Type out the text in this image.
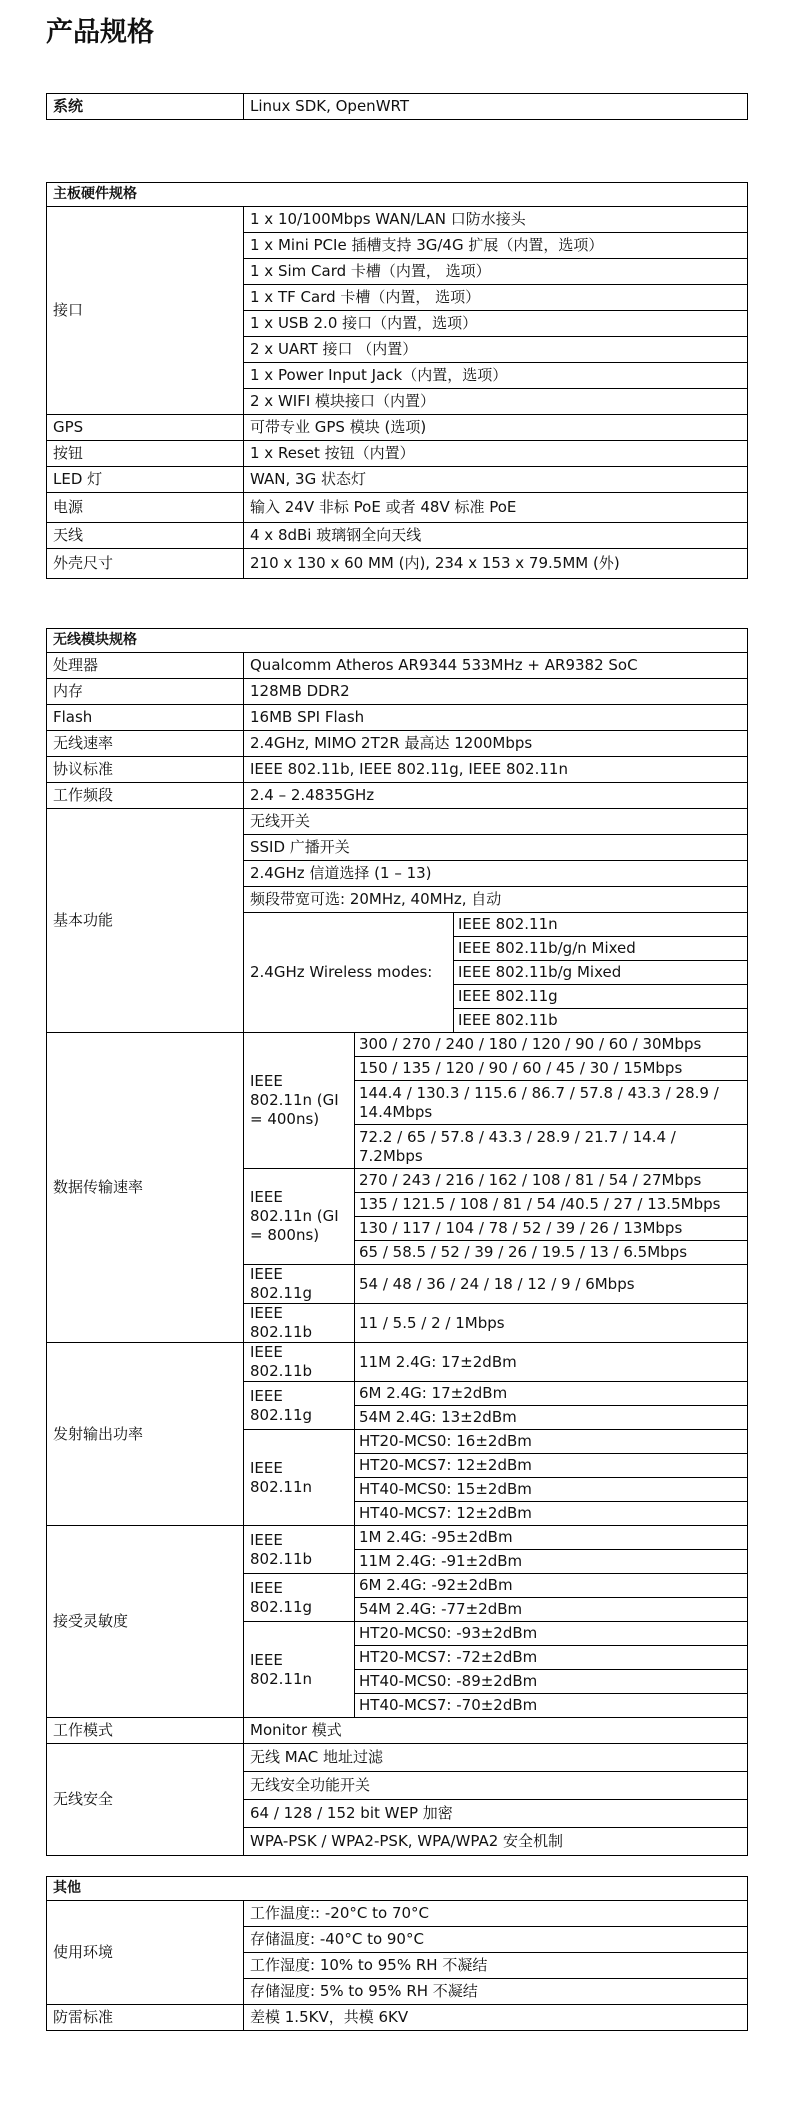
产品规格
系统	Linux SDK, OpenWRT
主板硬件规格	
接口	1 x 10/100Mbps WAN/LAN 口防水接头
	1 x Mini PCIe 插槽支持 3G/4G 扩展（内置，选项）
	1 x Sim Card 卡槽（内置， 选项）
	1 x TF Card 卡槽（内置， 选项）
	1 x USB 2.0 接口（内置，选项）
	2 x UART 接口 （内置）
	1 x Power Input Jack（内置，选项）
	2 x WIFI 模块接口（内置）
GPS	可带专业 GPS 模块 (选项)
按钮	1 x Reset 按钮（内置）
LED 灯	WAN, 3G 状态灯
电源	输入 24V 非标 PoE 或者 48V 标准 PoE
天线	4 x 8dBi 玻璃钢全向天线
外壳尺寸	210 x 130 x 60 MM (内), 234 x 153 x 79.5MM (外)
无线模块规格			
处理器	Qualcomm Atheros AR9344 533MHz + AR9382 SoC		
内存	128MB DDR2		
Flash	16MB SPI Flash		
无线速率	2.4GHz, MIMO 2T2R 最高达 1200Mbps		
协议标准	IEEE 802.11b, IEEE 802.11g, IEEE 802.11n		
工作频段	2.4 – 2.4835GHz		
基本功能	无线开关		
	SSID 广播开关		
	2.4GHz 信道选择 (1 – 13)		
	频段带宽可选: 20MHz, 40MHz, 自动		
	2.4GHz Wireless modes:		IEEE 802.11n
			IEEE 802.11b/g/n Mixed
			IEEE 802.11b/g Mixed
			IEEE 802.11g
			IEEE 802.11b
数据传输速率	IEEE 802.11n (GI = 400ns)	300 / 270 / 240 / 180 / 120 / 90 / 60 / 30Mbps	
		150 / 135 / 120 / 90 / 60 / 45 / 30 / 15Mbps	
		144.4 / 130.3 / 115.6 / 86.7 / 57.8 / 43.3 / 28.9 / 14.4Mbps	
		72.2 / 65 / 57.8 / 43.3 / 28.9 / 21.7 / 14.4 / 7.2Mbps	
	IEEE 802.11n (GI = 800ns)	270 / 243 / 216 / 162 / 108 / 81 / 54 / 27Mbps	
		135 / 121.5 / 108 / 81 / 54 /40.5 / 27 / 13.5Mbps	
		130 / 117 / 104 / 78 / 52 / 39 / 26 / 13Mbps	
		65 / 58.5 / 52 / 39 / 26 / 19.5 / 13 / 6.5Mbps	
	IEEE 802.11g	54 / 48 / 36 / 24 / 18 / 12 / 9 / 6Mbps	
	IEEE 802.11b	11 / 5.5 / 2 / 1Mbps	
发射输出功率	IEEE 802.11b	11M 2.4G: 17±2dBm	
	IEEE 802.11g	6M 2.4G: 17±2dBm	
		54M 2.4G: 13±2dBm	
	IEEE 802.11n	HT20-MCS0: 16±2dBm	
		HT20-MCS7: 12±2dBm	
		HT40-MCS0: 15±2dBm	
		HT40-MCS7: 12±2dBm	
接受灵敏度	IEEE 802.11b	1M 2.4G: -95±2dBm	
		11M 2.4G: -91±2dBm	
	IEEE 802.11g	6M 2.4G: -92±2dBm	
		54M 2.4G: -77±2dBm	
	IEEE 802.11n	HT20-MCS0: -93±2dBm	
		HT20-MCS7: -72±2dBm	
		HT40-MCS0: -89±2dBm	
		HT40-MCS7: -70±2dBm	
工作模式	Monitor 模式		
无线安全	无线 MAC 地址过滤		
	无线安全功能开关		
	64 / 128 / 152 bit WEP 加密		
	WPA-PSK / WPA2-PSK, WPA/WPA2 安全机制		
其他	
使用环境	工作温度:: -20°C to 70°C
	存储温度: -40°C to 90°C
	工作湿度: 10% to 95% RH 不凝结
	存储湿度: 5% to 95% RH 不凝结
防雷标准	差模 1.5KV，共模 6KV
